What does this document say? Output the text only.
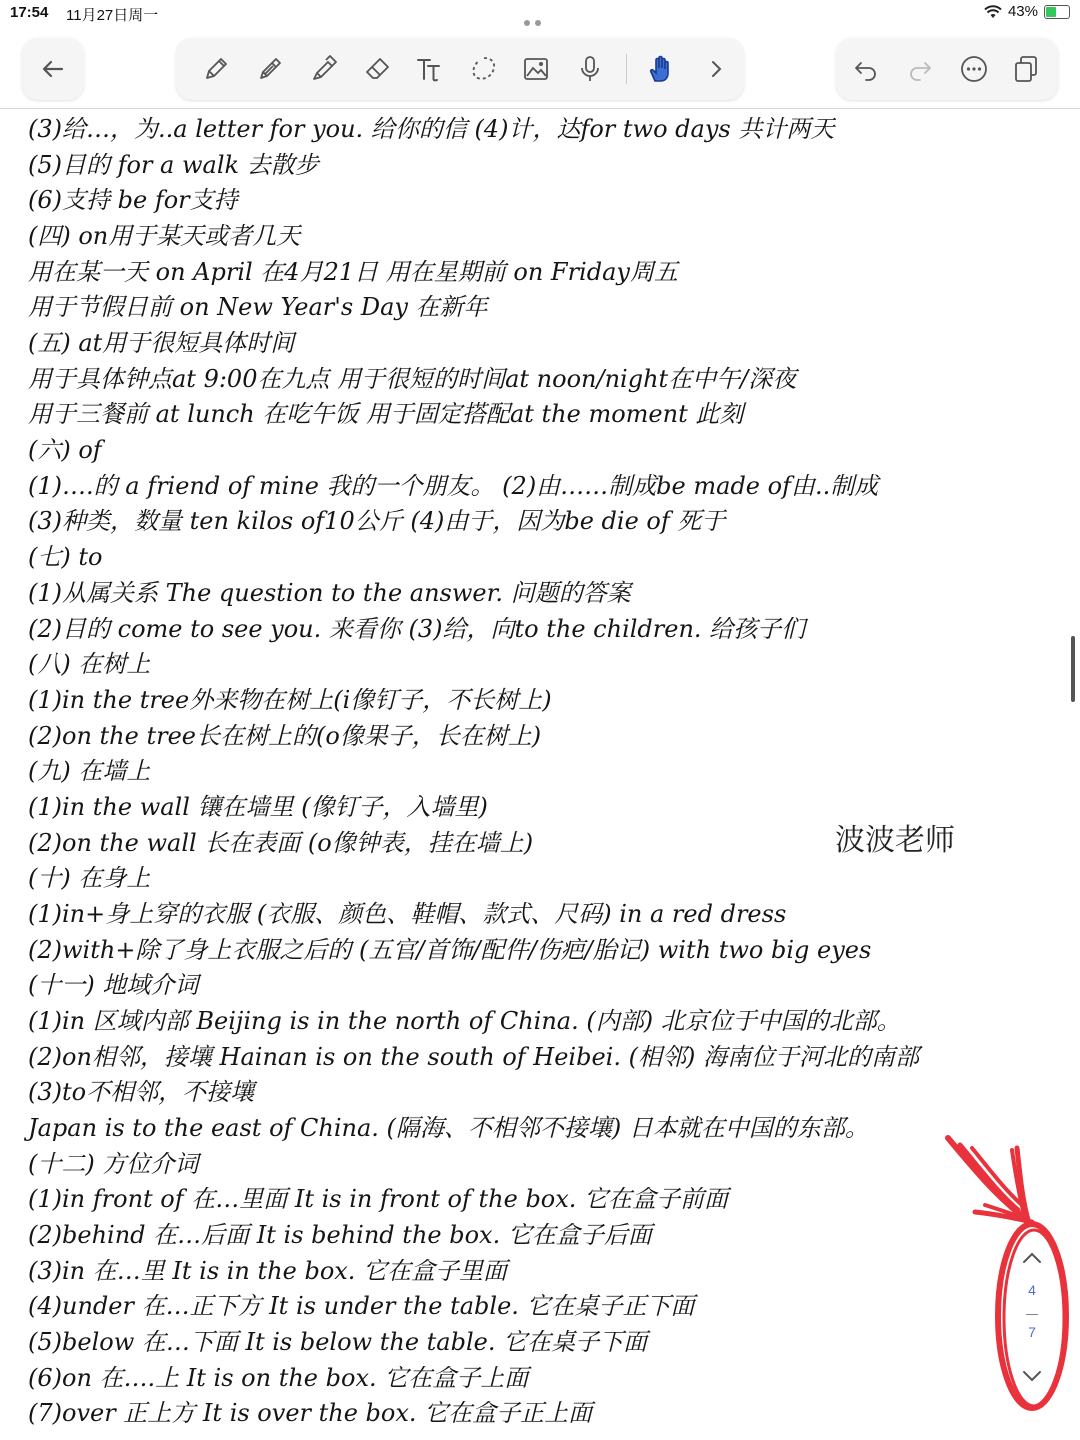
17:54 11月27日周一	43%
(3)给…，为..a letter for you. 给你的信 (4)计，达for two days 共计两天
(5)目的 for a walk 去散步
(6)支持 be for支持
(四) on用于某天或者几天
用在某一天 on April 在4月21日 用在星期前 on Friday周五
用于节假日前 on New Year's Day 在新年
(五) at用于很短具体时间
用于具体钟点at 9:00在九点 用于很短的时间at noon/night在中午/深夜
用于三餐前 at lunch 在吃午饭 用于固定搭配at the moment 此刻
(六) of
(1)….的 a friend of mine 我的一个朋友。 (2)由……制成be made of由..制成
(3)种类，数量 ten kilos of10公斤 (4)由于，因为be die of 死于
(七) to
(1)从属关系 The question to the answer. 问题的答案
(2)目的 come to see you. 来看你 (3)给，向to the children. 给孩子们
(八) 在树上
(1)in the tree外来物在树上(i像钉子，不长树上)
(2)on the tree长在树上的(o像果子，长在树上)
(九) 在墙上
(1)in the wall 镶在墙里 (像钉子，入墙里)
(2)on the wall 长在表面 (o像钟表，挂在墙上)
(十) 在身上
(1)in+身上穿的衣服 (衣服、颜色、鞋帽、款式、尺码) in a red dress
(2)with+除了身上衣服之后的 (五官/首饰/配件/伤疤/胎记) with two big eyes
(十一) 地域介词
(1)in 区域内部 Beijing is in the north of China. (内部) 北京位于中国的北部。
(2)on相邻，接壤 Hainan is on the south of Heibei. (相邻) 海南位于河北的南部
(3)to不相邻，不接壤
Japan is to the east of China. (隔海、不相邻不接壤) 日本就在中国的东部。
(十二) 方位介词
(1)in front of 在…里面 It is in front of the box. 它在盒子前面
(2)behind 在…后面 It is behind the box. 它在盒子后面
(3)in 在…里 It is in the box. 它在盒子里面
(4)under 在…正下方 It is under the table. 它在桌子正下面
(5)below 在…下面 It is below the table. 它在桌子下面
(6)on 在….上 It is on the box. 它在盒子上面
(7)over 正上方 It is over the box. 它在盒子正上面
波波老师
4
7
